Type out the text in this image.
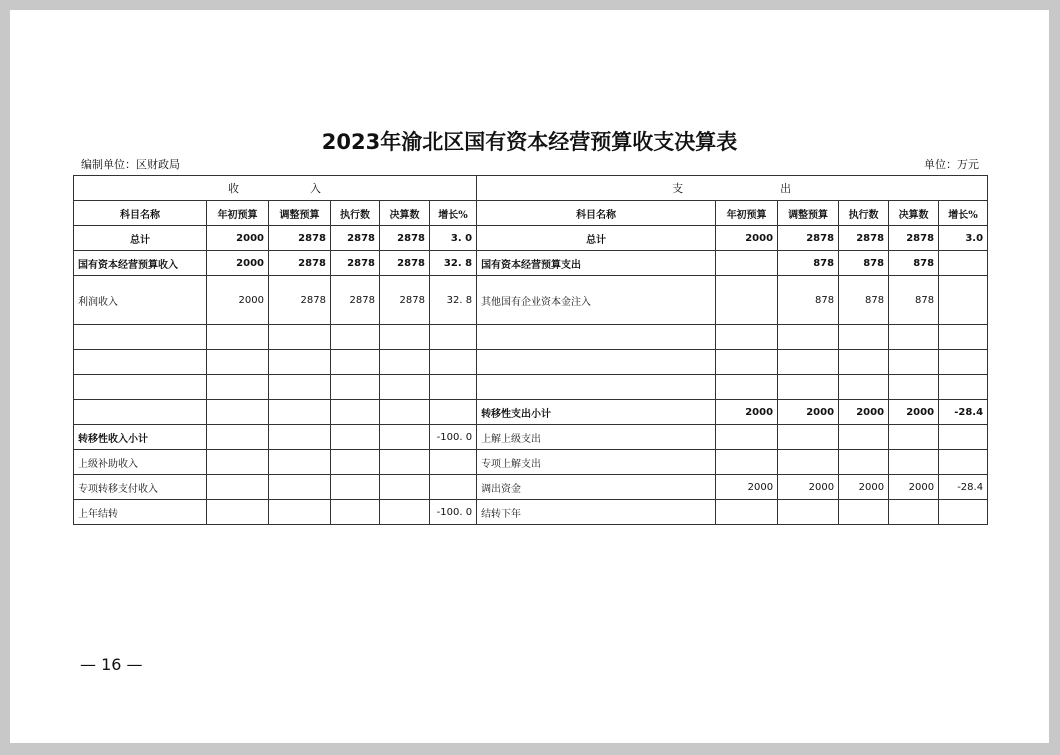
2023年渝北区国有资本经营预算收支决算表
编制单位：区财政局	单位：万元
收 入						支 出					
科目名称	年初预算	调整预算	执行数	决算数	增长%	科目名称	年初预算	调整预算	执行数	决算数	增长%
总计	2000	2878	2878	2878	3. 0	总计	2000	2878	2878	2878	3.0
国有资本经营预算收入	2000	2878	2878	2878	32. 8	国有资本经营预算支出		878	878	878	
利润收入	2000	2878	2878	2878	32. 8	其他国有企业资本金注入		878	878	878	

						转移性支出小计	2000	2000	2000	2000	-28.4
转移性收入小计					-100. 0	上解上级支出					
上级补助收入						专项上解支出					
专项转移支付收入						调出资金	2000	2000	2000	2000	-28.4
上年结转					-100. 0	结转下年					
— 16 —
